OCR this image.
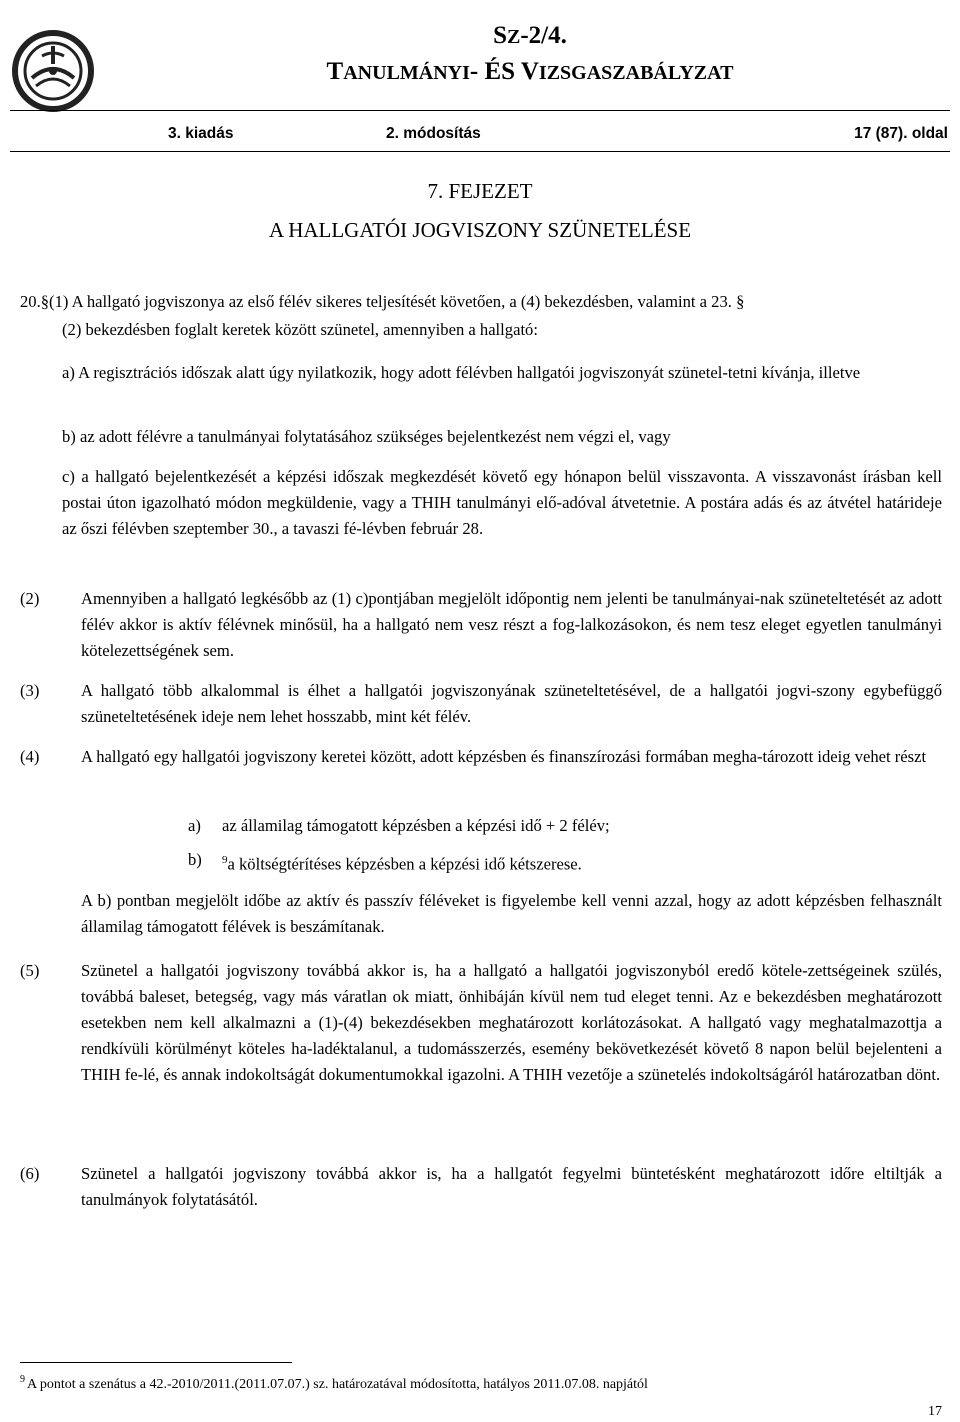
SZ-2/4.
TANULMÁNYI- ÉS VIZSGASZABÁLYZAT
3. kiadás	2. módosítás	17 (87). oldal
7. FEJEZET
A HALLGATÓI JOGVISZONY SZÜNETELÉSE
20.§(1) A hallgató jogviszonya az első félév sikeres teljesítését követően, a (4) bekezdésben, valamint a 23. §
(2) bekezdésben foglalt keretek között szünetel, amennyiben a hallgató:
a) A regisztrációs időszak alatt úgy nyilatkozik, hogy adott félévben hallgatói jogviszonyát szünetel-tetni kívánja, illetve
b) az adott félévre a tanulmányai folytatásához szükséges bejelentkezést nem végzi el, vagy
c) a hallgató bejelentkezését a képzési időszak megkezdését követő egy hónapon belül visszavonta. A visszavonást írásban kell postai úton igazolható módon megküldenie, vagy a THIH tanulmányi elő-adóval átvetetnie. A postára adás és az átvétel határideje az őszi félévben szeptember 30., a tavaszi fé-lévben február 28.
(2)	Amennyiben a hallgató legkésőbb az (1) c)pontjában megjelölt időpontig nem jelenti be tanulmányai-nak szüneteltetését az adott félév akkor is aktív félévnek minősül, ha a hallgató nem vesz részt a fog-lalkozásokon, és nem tesz eleget egyetlen tanulmányi kötelezettségének sem.
(3)	A hallgató több alkalommal is élhet a hallgatói jogviszonyának szüneteltetésével, de a hallgatói jogvi-szony egybefüggő szüneteltetésének ideje nem lehet hosszabb, mint két félév.
(4)	A hallgató egy hallgatói jogviszony keretei között, adott képzésben és finanszírozási formában megha-tározott ideig vehet részt
a) az államilag támogatott képzésben a képzési idő + 2 félév;
b) $^9$a költségtérítéses képzésben a képzési idő kétszerese.
A b) pontban megjelölt időbe az aktív és passzív féléveket is figyelembe kell venni azzal, hogy az adott képzésben felhasznált államilag támogatott félévek is beszámítanak.
(5)	Szünetel a hallgatói jogviszony továbbá akkor is, ha a hallgató a hallgatói jogviszonyból eredő kötele-zettségeinek szülés, továbbá baleset, betegség, vagy más váratlan ok miatt, önhibáján kívül nem tud eleget tenni. Az e bekezdésben meghatározott esetekben nem kell alkalmazni a (1)-(4) bekezdésekben meghatározott korlátozásokat. A hallgató vagy meghatalmazottja a rendkívüli körülményt köteles ha-ladéktalanul, a tudomásszerzés, esemény bekövetkezését követő 8 napon belül bejelenteni a THIH fe-lé, és annak indokoltságát dokumentumokkal igazolni. A THIH vezetője a szünetelés indokoltságáról határozatban dönt.
(6)	Szünetel a hallgatói jogviszony továbbá akkor is, ha a hallgatót fegyelmi büntetésként meghatározott időre eltiltják a tanulmányok folytatásától.
$^9$ A pontot a szenátus a 42.-2010/2011.(2011.07.07.) sz. határozatával módosította, hatályos 2011.07.08. napjától
17
